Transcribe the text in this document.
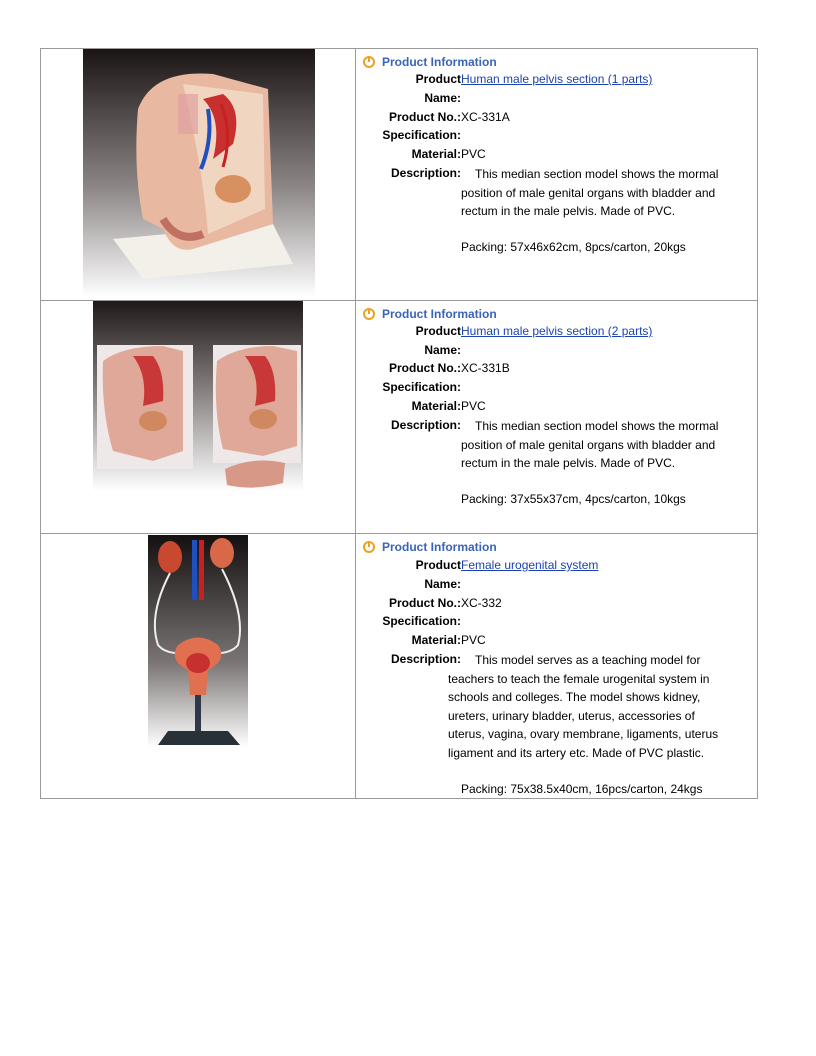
Product Information
Product Human male pelvis section (1 parts)
Name:
Product No.: XC-331A
Specification:
Material: PVC
Description:	This median section model shows the mormal

position of male genital organs with bladder and

rectum in the male pelvis. Made of PVC.

Packing: 57x46x62cm, 8pcs/carton, 20kgs
Product Information
Product Human male pelvis section (2 parts)
Name:
Product No.: XC-331B
Specification:
Material: PVC
Description:	This median section model shows the mormal

position of male genital organs with bladder and

rectum in the male pelvis. Made of PVC.

Packing: 37x55x37cm, 4pcs/carton, 10kgs
Product Information
Product Female urogenital system
Name:
Product No.: XC-332
Specification:
Material: PVC
Description:	This model serves as a teaching model for

teachers to teach the female urogenital system in

schools and colleges. The model shows kidney,

ureters, urinary bladder, uterus, accessories of

uterus, vagina, ovary membrane, ligaments, uterus

ligament and its artery etc. Made of PVC plastic.

Packing: 75x38.5x40cm, 16pcs/carton, 24kgs
